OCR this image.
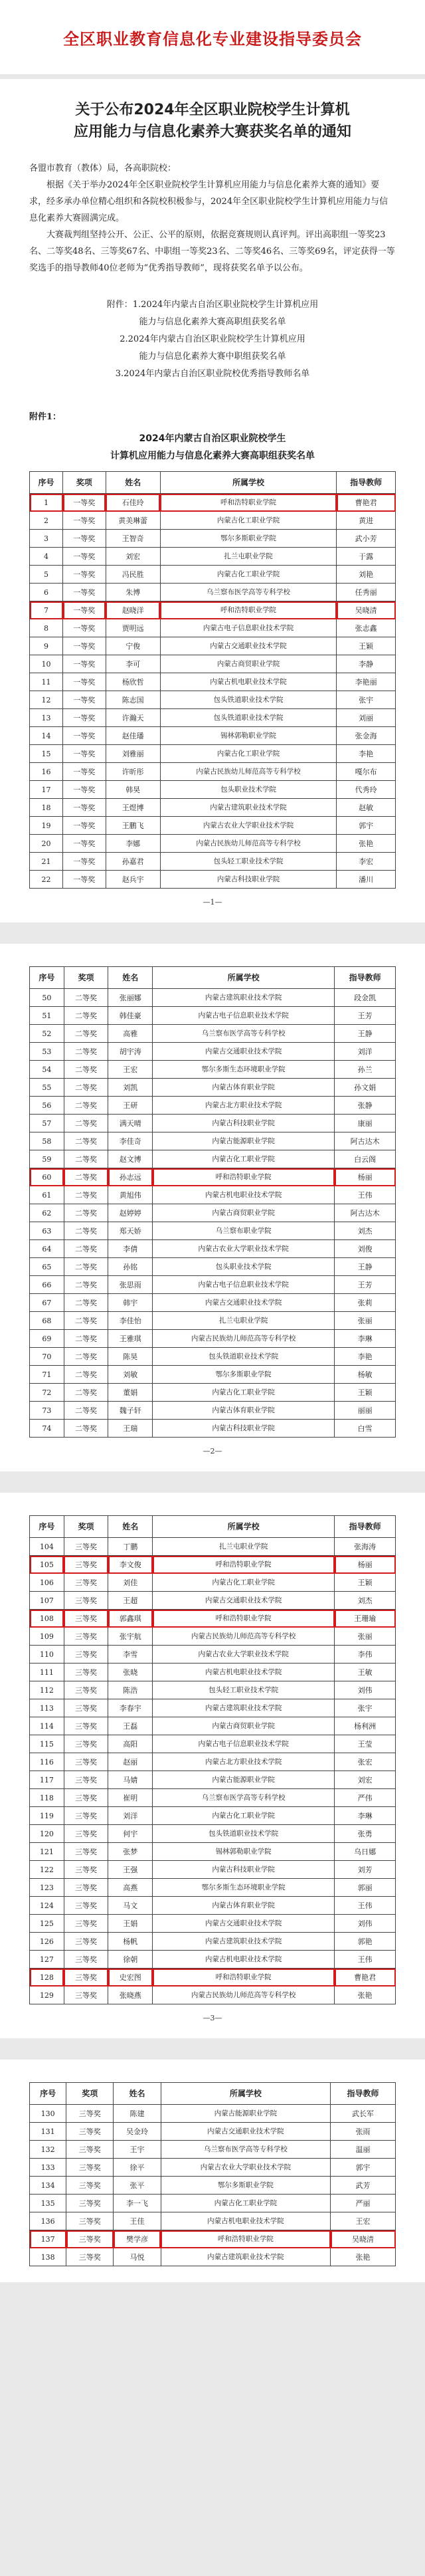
全区职业教育信息化专业建设指导委员会
关于公布2024年全区职业院校学生计算机
应用能力与信息化素养大赛获奖名单的通知

各盟市教育（教体）局，各高职院校：

根据《关于举办2024年全区职业院校学生计算机应用能力与信息化素养大赛的通知》要求，经多承办单位精心组织和各院校积极参与，2024年全区职业院校学生计算机应用能力与信息化素养大赛圆满完成。

大赛裁判组坚持公开、公正、公平的原则，依据竞赛规则认真评判。评出高职组一等奖23名、二等奖48名、三等奖67名、中职组一等奖23名、二等奖46名、三等奖69名，评定获得一等奖选手的指导教师40位老师为“优秀指导教师”，现将获奖名单予以公布。

附件：1.2024年内蒙古自治区职业院校学生计算机应用
能力与信息化素养大赛高职组获奖名单
2.2024年内蒙古自治区职业院校学生计算机应用
能力与信息化素养大赛中职组获奖名单
3.2024年内蒙古自治区职业院校优秀指导教师名单
附件1：
2024年内蒙古自治区职业院校学生
计算机应用能力与信息化素养大赛高职组获奖名单
序号	奖项	姓名	所属学校	指导教师
1	一等奖	石佳玲	呼和浩特职业学院	曹艳君
2	一等奖	黄美琳蕾	内蒙古化工职业学院	黄进
3	一等奖	王智奇	鄂尔多斯职业学院	武小芳
4	一等奖	刘宏	扎兰屯职业学院	于露
5	一等奖	冯民胜	内蒙古化工职业学院	刘艳
6	一等奖	朱博	乌兰察布医学高等专科学校	任秀丽
7	一等奖	赵晓洋	呼和浩特职业学院	吴晓清
8	一等奖	贾明远	内蒙古电子信息职业技术学院	张志鑫
9	一等奖	宁俊	内蒙古交通职业技术学院	王颖
10	一等奖	李可	内蒙古商贸职业学院	李静
11	一等奖	杨欣哲	内蒙古机电职业技术学院	李艳丽
12	一等奖	陈志国	包头铁道职业技术学院	张宇
13	一等奖	许瀚天	包头铁道职业技术学院	刘丽
14	一等奖	赵佳璠	锡林郭勒职业学院	张金海
15	一等奖	刘雅丽	内蒙古化工职业学院	李艳
16	一等奖	许昕彤	内蒙古民族幼儿师范高等专科学校	嘎尔布
17	一等奖	韩昊	包头职业技术学院	代秀玲
18	一等奖	王煜博	内蒙古建筑职业技术学院	赵敏
19	一等奖	王鹏飞	内蒙古农业大学职业技术学院	郭宇
20	一等奖	李娜	内蒙古民族幼儿师范高等专科学校	张艳
21	一等奖	孙嘉君	包头轻工职业技术学院	李宏
22	一等奖	赵兵宇	内蒙古科技职业学院	潘川
—1—
序号	奖项	姓名	所属学校	指导教师
50	二等奖	张丽娜	内蒙古建筑职业技术学院	段金凯
51	二等奖	韩佳豪	内蒙古电子信息职业技术学院	王芳
52	二等奖	高雅	乌兰察布医学高等专科学校	王静
53	二等奖	胡宇涛	内蒙古交通职业技术学院	刘洋
54	二等奖	王宏	鄂尔多斯生态环境职业学院	孙兰
55	二等奖	刘凯	内蒙古体育职业学院	孙文娟
56	二等奖	王研	内蒙古北方职业技术学院	张静
57	二等奖	满天晴	内蒙古科技职业学院	康丽
58	二等奖	李佳奇	内蒙古能源职业学院	阿古达木
59	二等奖	赵文博	内蒙古化工职业学院	白云阁
60	二等奖	孙志远	呼和浩特职业学院	杨丽
61	二等奖	黄旭伟	内蒙古机电职业技术学院	王伟
62	二等奖	赵婷婷	内蒙古商贸职业学院	阿古达木
63	二等奖	郑天娇	乌兰察布职业学院	刘杰
64	二等奖	李倩	内蒙古农业大学职业技术学院	刘俊
65	二等奖	孙铭	包头职业技术学院	王静
66	二等奖	张思雨	内蒙古电子信息职业技术学院	王芳
67	二等奖	韩宇	内蒙古交通职业技术学院	张莉
68	二等奖	李佳怡	扎兰屯职业学院	张丽
69	二等奖	王雅琪	内蒙古民族幼儿师范高等专科学校	李琳
70	二等奖	陈昊	包头铁道职业技术学院	李艳
71	二等奖	刘敏	鄂尔多斯职业学院	杨敏
72	二等奖	董娟	内蒙古化工职业学院	王颖
73	二等奖	魏子轩	内蒙古体育职业学院	丽丽
74	二等奖	王瑞	内蒙古科技职业学院	白雪
—2—
序号	奖项	姓名	所属学校	指导教师
104	三等奖	丁鹏	扎兰屯职业学院	张海涛
105	三等奖	李文俊	呼和浩特职业学院	杨丽
106	三等奖	刘佳	内蒙古化工职业学院	王颖
107	三等奖	王超	内蒙古交通职业技术学院	刘杰
108	三等奖	郭鑫琪	呼和浩特职业学院	王珊瑜
109	三等奖	张宇航	内蒙古民族幼儿师范高等专科学校	张丽
110	三等奖	李雪	内蒙古农业大学职业技术学院	李伟
111	三等奖	张晓	内蒙古机电职业技术学院	王敏
112	三等奖	陈浩	包头轻工职业技术学院	刘伟
113	三等奖	李春宇	内蒙古建筑职业技术学院	张宇
114	三等奖	王磊	内蒙古商贸职业学院	杨利洲
115	三等奖	高阳	内蒙古电子信息职业技术学院	王莹
116	三等奖	赵丽	内蒙古北方职业技术学院	张宏
117	三等奖	马婧	内蒙古能源职业学院	刘宏
118	三等奖	崔明	乌兰察布医学高等专科学校	严伟
119	三等奖	刘洋	内蒙古化工职业学院	李琳
120	三等奖	何宇	包头铁道职业技术学院	张勇
121	三等奖	张梦	锡林郭勒职业学院	乌日娜
122	三等奖	王强	内蒙古科技职业学院	刘芳
123	三等奖	高燕	鄂尔多斯生态环境职业学院	郭丽
124	三等奖	马文	内蒙古体育职业学院	王伟
125	三等奖	王娟	内蒙古交通职业技术学院	刘伟
126	三等奖	杨帆	内蒙古建筑职业技术学院	郭艳
127	三等奖	徐朝	内蒙古机电职业技术学院	王伟
128	三等奖	史宏图	呼和浩特职业学院	曹艳君
129	三等奖	张晓燕	内蒙古民族幼儿师范高等专科学校	张艳
—3—
序号	奖项	姓名	所属学校	指导教师
130	三等奖	陈建	内蒙古能源职业学院	武长军
131	三等奖	吴金玲	内蒙古交通职业技术学院	张雨
132	三等奖	王宇	乌兰察布医学高等专科学校	温丽
133	三等奖	徐平	内蒙古农业大学职业技术学院	郭宇
134	三等奖	张平	鄂尔多斯职业学院	武芳
135	三等奖	李一飞	内蒙古化工职业学院	严丽
136	三等奖	王佳	内蒙古机电职业技术学院	王宏
137	三等奖	樊学彦	呼和浩特职业学院	吴晓清
138	三等奖	马悦	内蒙古建筑职业技术学院	张艳
